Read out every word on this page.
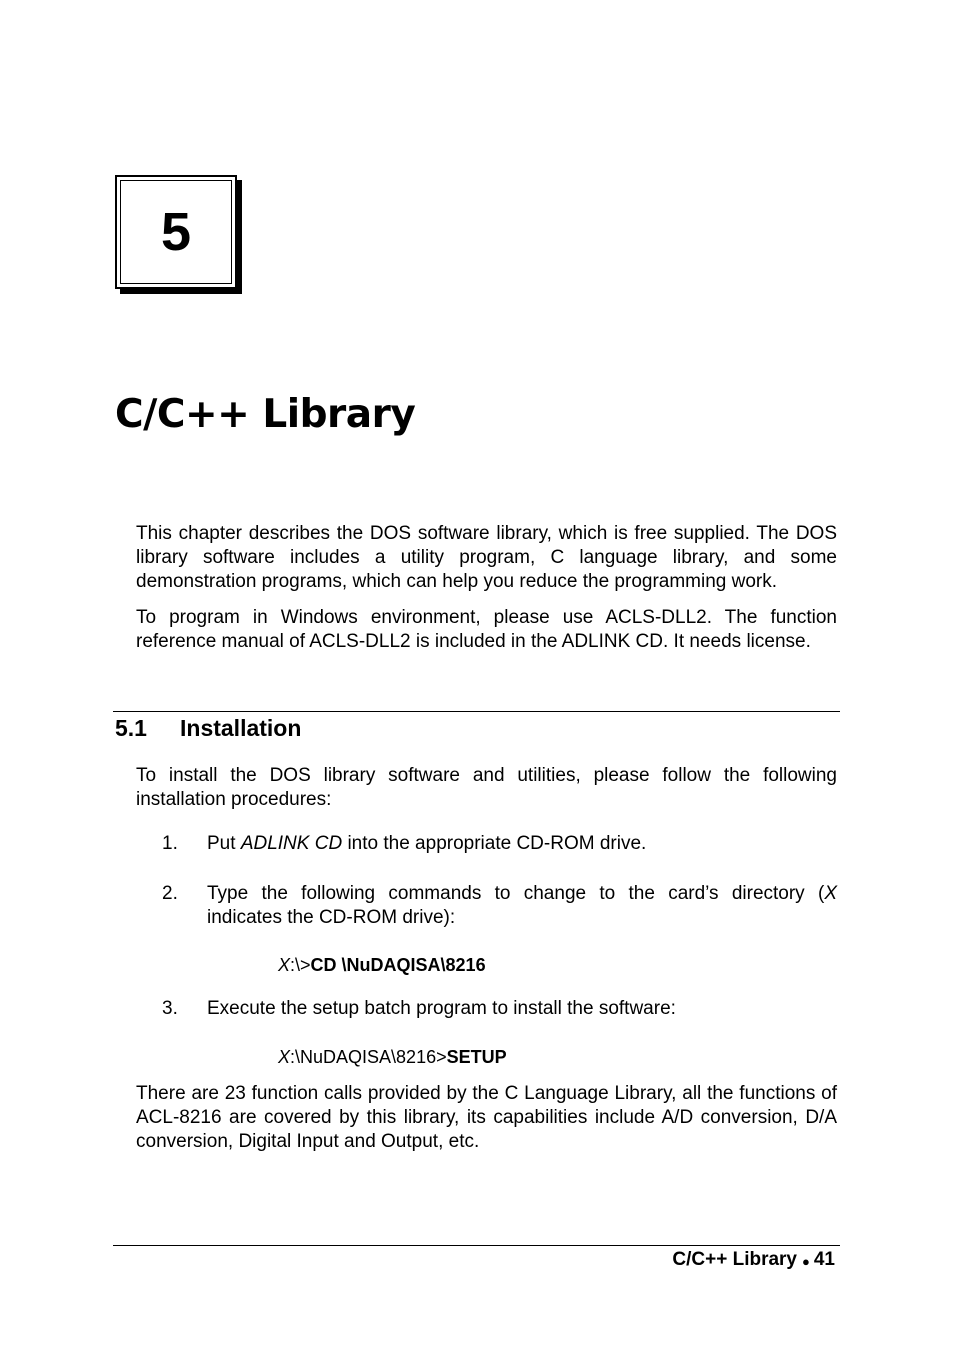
5
C/C++ Library

This chapter describes the DOS software library, which is free supplied. The DOS library software includes a utility program, C language library, and some demonstration programs, which can help you reduce the programming work.

To program in Windows environment, please use ACLS-DLL2. The function reference manual of ACLS-DLL2 is included in the ADLINK CD. It needs license.

5.1 Installation

To install the DOS library software and utilities, please follow the following installation procedures:

1. Put ADLINK CD into the appropriate CD-ROM drive.
2. Type the following commands to change to the card’s directory (X indicates the CD-ROM drive):
X:\>CD \NuDAQISA\8216
3. Execute the setup batch program to install the software:
X:\NuDAQISA\8216>SETUP

There are 23 function calls provided by the C Language Library, all the functions of ACL-8216 are covered by this library, its capabilities include A/D conversion, D/A conversion, Digital Input and Output, etc.

C/C++ Library ● 41
